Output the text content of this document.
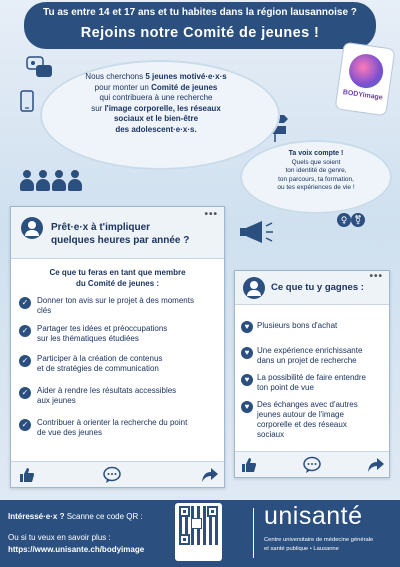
Tu as entre 14 et 17 ans et tu habites dans la région lausannoise ?
Rejoins notre Comité de jeunes !
Nous cherchons 5 jeunes motivé·e·x·s
pour monter un Comité de jeunes
qui contribuera à une recherche
sur l'image corporelle, les réseaux
sociaux et le bien-être
des adolescent·e·x·s.
BODYimage
Ta voix compte !
Quels que soient
ton identité de genre,
ton parcours, ta formation,
ou tes expériences de vie !
♀ ⚧
Prêt·e·x à t'impliquer
quelques heures par année ?
•••
Ce que tu feras en tant que membre
du Comité de jeunes :
✓	Donner ton avis sur le projet à des moments
clés
✓	Partager tes idées et préoccupations
sur les thématiques étudiées
✓	Participer à la création de contenus
et de stratégies de communication
✓	Aider à rendre les résultats accessibles
aux jeunes
✓	Contribuer à orienter la recherche du point
de vue des jeunes
Ce que tu y gagnes :
•••
♥ Plusieurs bons d'achat
♥ Une expérience enrichissante
dans un projet de recherche
♥ La possibilité de faire entendre
ton point de vue
♥ Des échanges avec d'autres
jeunes autour de l'image
corporelle et des réseaux
sociaux
Intéressé·e·x ? Scanne ce code QR :
Ou si tu veux en savoir plus :
https://www.unisante.ch/bodyimage
unisanté
Centre universitaire de médecine générale
et santé publique • Lausanne
